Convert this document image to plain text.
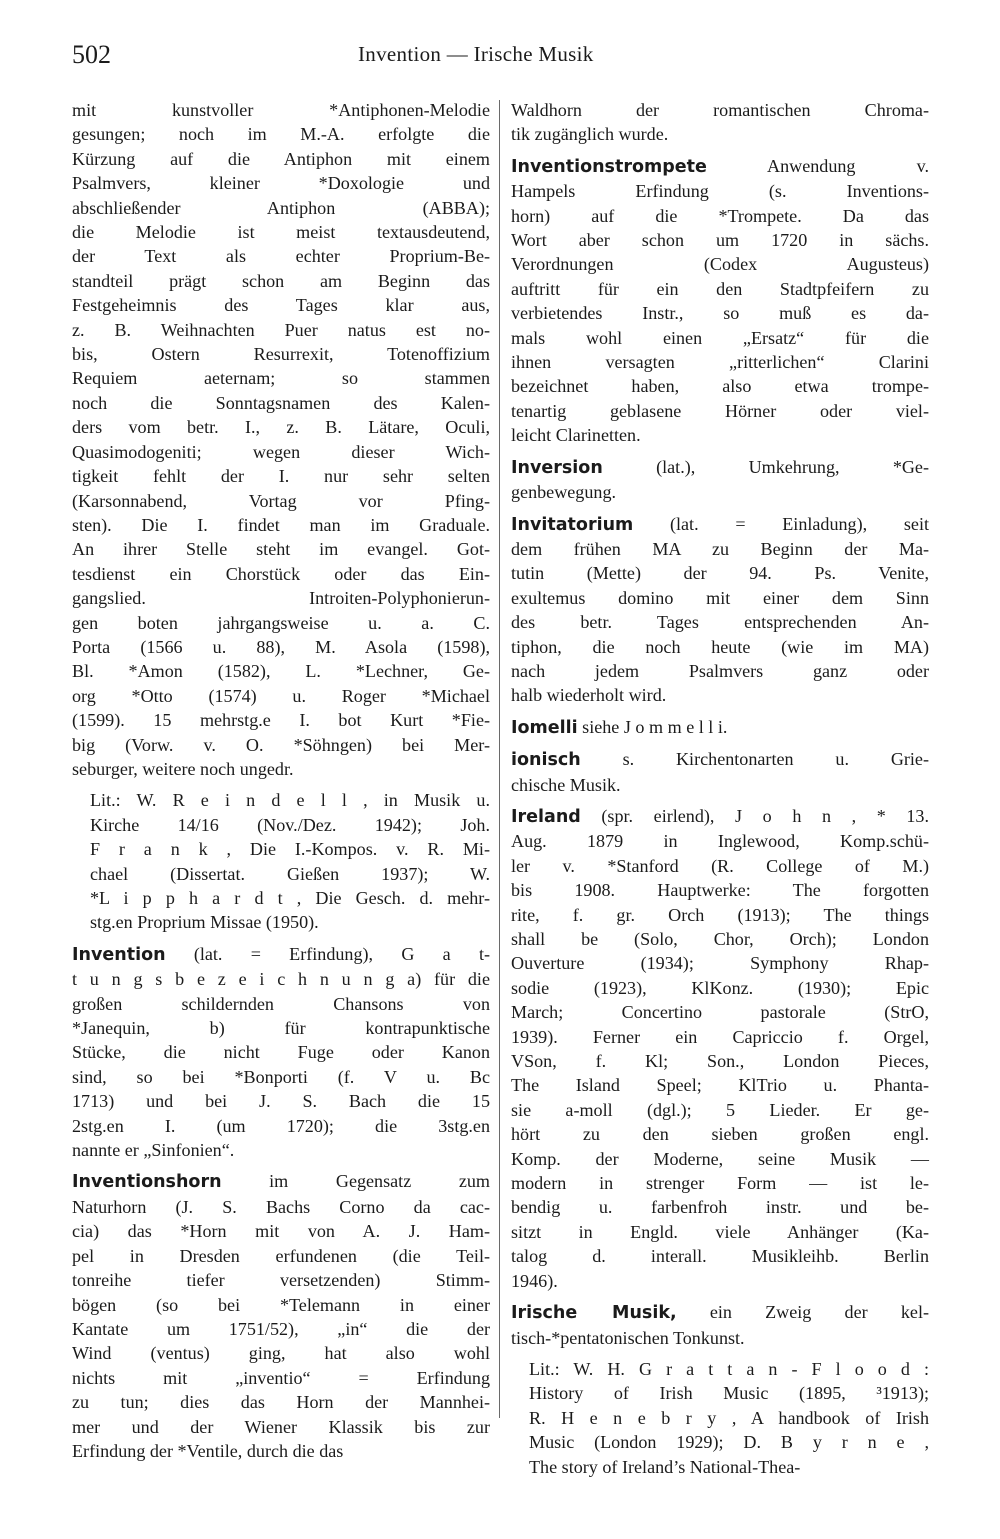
502	Invention — Irische Musik

mit kunstvoller *Antiphonen-Melodie
gesungen; noch im M.-A. erfolgte die
Kürzung auf die Antiphon mit einem
Psalmvers, kleiner *Doxologie und
abschließender Antiphon (ABBA);
die Melodie ist meist textausdeutend,
der Text als echter Proprium-Be-
standteil prägt schon am Beginn das
Festgeheimnis des Tages klar aus,
z. B. Weihnachten Puer natus est no-
bis, Ostern Resurrexit, Totenoffizium
Requiem aeternam; so stammen
noch die Sonntagsnamen des Kalen-
ders vom betr. I., z. B. Lätare, Oculi,
Quasimodogeniti; wegen dieser Wich-
tigkeit fehlt der I. nur sehr selten
(Karsonnabend, Vortag vor Pfing-
sten). Die I. findet man im Graduale.
An ihrer Stelle steht im evangel. Got-
tesdienst ein Chorstück oder das Ein-
gangslied. Introiten-Polyphonierun-
gen boten jahrgangsweise u. a. C.
Porta (1566 u. 88), M. Asola (1598),
Bl. *Amon (1582), L. *Lechner, Ge-
org *Otto (1574) u. Roger *Michael
(1599). 15 mehrstg.e I. bot Kurt *Fie-
big (Vorw. v. O. *Söhngen) bei Mer-
seburger, weitere noch ungedr.

Lit.: W. R e i n d e l l , in Musik u.
Kirche 14/16 (Nov./Dez. 1942); Joh.
F r a n k , Die I.-Kompos. v. R. Mi-
chael (Dissertat. Gießen 1937); W.
*L i p p h a r d t , Die Gesch. d. mehr-
stg.en Proprium Missae (1950).

Invention (lat. = Erfindung), G a t-
t u n g s b e z e i c h n u n g a) für die
großen schildernden Chansons von
*Janequin, b) für kontrapunktische
Stücke, die nicht Fuge oder Kanon
sind, so bei *Bonporti (f. V u. Bc
1713) und bei J. S. Bach die 15
2stg.en I. (um 1720); die 3stg.en
nannte er „Sinfonien“.

Inventionshorn im Gegensatz zum
Naturhorn (J. S. Bachs Corno da cac-
cia) das *Horn mit von A. J. Ham-
pel in Dresden erfundenen (die Teil-
tonreihe tiefer versetzenden) Stimm-
bögen (so bei *Telemann in einer
Kantate um 1751/52), „in“ die der
Wind (ventus) ging, hat also wohl
nichts mit „inventio“ = Erfindung
zu tun; dies das Horn der Mannhei-
mer und der Wiener Klassik bis zur
Erfindung der *Ventile, durch die das

Waldhorn der romantischen Chroma-
tik zugänglich wurde.

Inventionstrompete Anwendung v.
Hampels Erfindung (s. Inventions-
horn) auf die *Trompete. Da das
Wort aber schon um 1720 in sächs.
Verordnungen (Codex Augusteus)
auftritt für ein den Stadtpfeifern zu
verbietendes Instr., so muß es da-
mals wohl einen „Ersatz“ für die
ihnen versagten „ritterlichen“ Clarini
bezeichnet haben, also etwa trompe-
tenartig geblasene Hörner oder viel-
leicht Clarinetten.

Inversion (lat.), Umkehrung, *Ge-
genbewegung.

Invitatorium (lat. = Einladung), seit
dem frühen MA zu Beginn der Ma-
tutin (Mette) der 94. Ps. Venite,
exultemus domino mit einer dem Sinn
des betr. Tages entsprechenden An-
tiphon, die noch heute (wie im MA)
nach jedem Psalmvers ganz oder
halb wiederholt wird.

Iomelli siehe J o m m e l l i.

ionisch s. Kirchentonarten u. Grie-
chische Musik.

Ireland (spr. eirlend), J o h n , * 13.
Aug. 1879 in Inglewood, Komp.schü-
ler v. *Stanford (R. College of M.)
bis 1908. Hauptwerke: The forgotten
rite, f. gr. Orch (1913); The things
shall be (Solo, Chor, Orch); London
Ouverture (1934); Symphony Rhap-
sodie (1923), KlKonz. (1930); Epic
March; Concertino pastorale (StrO,
1939). Ferner ein Capriccio f. Orgel,
VSon, f. Kl; Son., London Pieces,
The Island Speel; KlTrio u. Phanta-
sie a-moll (dgl.); 5 Lieder. Er ge-
hört zu den sieben großen engl.
Komp. der Moderne, seine Musik —
modern in strenger Form — ist le-
bendig u. farbenfroh instr. und be-
sitzt in Engld. viele Anhänger (Ka-
talog d. interall. Musikleihb. Berlin
1946).

Irische Musik, ein Zweig der kel-
tisch-*pentatonischen Tonkunst.

Lit.: W. H. G r a t t a n - F l o o d :
History of Irish Music (1895, ³1913);
R. H e n e b r y , A handbook of Irish
Music (London 1929); D. B y r n e ,
The story of Ireland’s National-Thea-
